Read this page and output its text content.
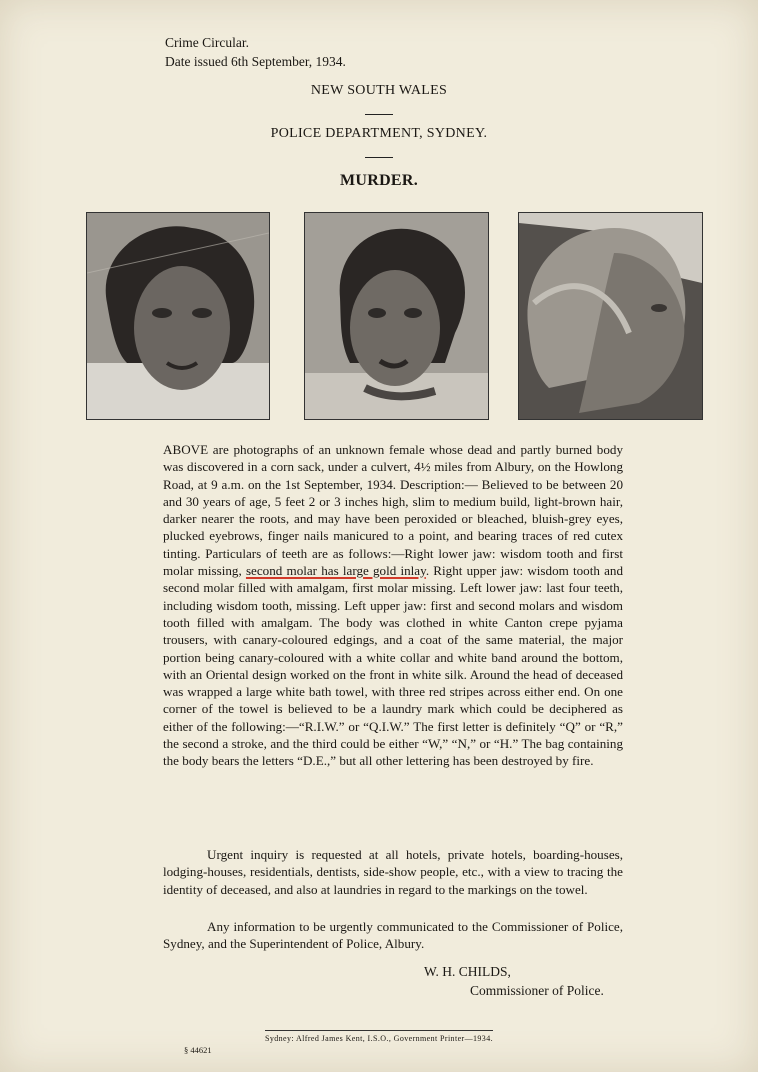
Crime Circular.
Date issued 6th September, 1934.
NEW SOUTH WALES
POLICE DEPARTMENT, SYDNEY.
MURDER.

ABOVE are photographs of an unknown female whose dead and partly burned body was discovered in a corn sack, under a culvert, 4½ miles from Albury, on the Howlong Road, at 9 a.m. on the 1st September, 1934. Description:— Believed to be between 20 and 30 years of age, 5 feet 2 or 3 inches high, slim to medium build, light-brown hair, darker nearer the roots, and may have been peroxided or bleached, bluish-grey eyes, plucked eyebrows, finger nails manicured to a point, and bearing traces of red cutex tinting. Particulars of teeth are as follows:—Right lower jaw: wisdom tooth and first molar missing, second molar has large gold inlay. Right upper jaw: wisdom tooth and second molar filled with amalgam, first molar missing. Left lower jaw: last four teeth, including wisdom tooth, missing. Left upper jaw: first and second molars and wisdom tooth filled with amalgam. The body was clothed in white Canton crepe pyjama trousers, with canary-coloured edgings, and a coat of the same material, the major portion being canary-coloured with a white collar and white band around the bottom, with an Oriental design worked on the front in white silk. Around the head of deceased was wrapped a large white bath towel, with three red stripes across either end. On one corner of the towel is believed to be a laundry mark which could be deciphered as either of the following:—“R.I.W.” or “Q.I.W.” The first letter is definitely “Q” or “R,” the second a stroke, and the third could be either “W,” “N,” or “H.” The bag containing the body bears the letters “D.E.,” but all other lettering has been destroyed by fire.

Urgent inquiry is requested at all hotels, private hotels, boarding-houses, lodging-houses, residentials, dentists, side-show people, etc., with a view to tracing the identity of deceased, and also at laundries in regard to the markings on the towel.

Any information to be urgently communicated to the Commissioner of Police, Sydney, and the Superintendent of Police, Albury.

W. H. CHILDS,
Commissioner of Police.
Sydney: Alfred James Kent, I.S.O., Government Printer—1934.
§ 44621
